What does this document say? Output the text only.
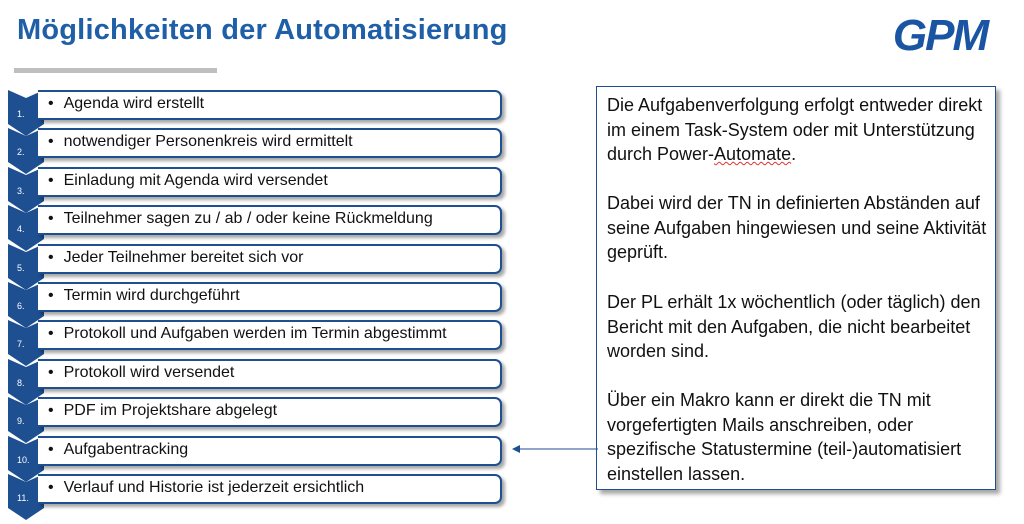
Möglichkeiten der Automatisierung	GPM
1.
• Agenda wird erstellt
2.
• notwendiger Personenkreis wird ermittelt
3.
• Einladung mit Agenda wird versendet
4.
• Teilnehmer sagen zu / ab / oder keine Rückmeldung
5.
• Jeder Teilnehmer bereitet sich vor
6.
• Termin wird durchgeführt
7.
• Protokoll und Aufgaben werden im Termin abgestimmt
8.
• Protokoll wird versendet
9.
• PDF im Projektshare abgelegt
10.
• Aufgabentracking
11.
• Verlauf und Historie ist jederzeit ersichtlich

Die Aufgabenverfolgung erfolgt entweder direkt im einem Task-System oder mit Unterstützung durch Power-Automate.

Dabei wird der TN in definierten Abständen auf seine Aufgaben hingewiesen und seine Aktivität geprüft.

Der PL erhält 1x wöchentlich (oder täglich) den Bericht mit den Aufgaben, die nicht bearbeitet worden sind.

Über ein Makro kann er direkt die TN mit vorgefertigten Mails anschreiben, oder spezifische Statustermine (teil-)automatisiert einstellen lassen.
